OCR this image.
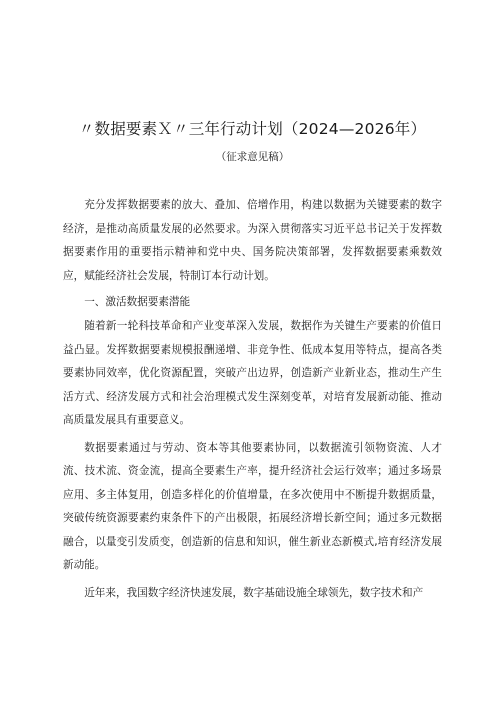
〃数据要素Ｘ〃三年行动计划（2024—2026年）
（征求意见稿）

充分发挥数据要素的放大、叠加、倍增作用，构建以数据为关键要素的数字经济，是推动高质量发展的必然要求。为深入贯彻落实习近平总书记关于发挥数据要素作用的重要指示精神和党中央、国务院决策部署，发挥数据要素乘数效应，赋能经济社会发展，特制订本行动计划。

一、激活数据要素潜能

随着新一轮科技革命和产业变革深入发展，数据作为关键生产要素的价值日益凸显。发挥数据要素规模报酬递增、非竞争性、低成本复用等特点，提高各类要素协同效率，优化资源配置，突破产出边界，创造新产业新业态，推动生产生活方式、经济发展方式和社会治理模式发生深刻变革，对培育发展新动能、推动高质量发展具有重要意义。

数据要素通过与劳动、资本等其他要素协同，以数据流引领物资流、人才流、技术流、资金流，提高全要素生产率，提升经济社会运行效率；通过多场景应用、多主体复用，创造多样化的价值增量，在多次使用中不断提升数据质量，突破传统资源要素约束条件下的产出极限，拓展经济增长新空间；通过多元数据融合，以量变引发质变，创造新的信息和知识，催生新业态新模式,培育经济发展新动能。

近年来，我国数字经济快速发展，数字基础设施全球领先，数字技术和产
